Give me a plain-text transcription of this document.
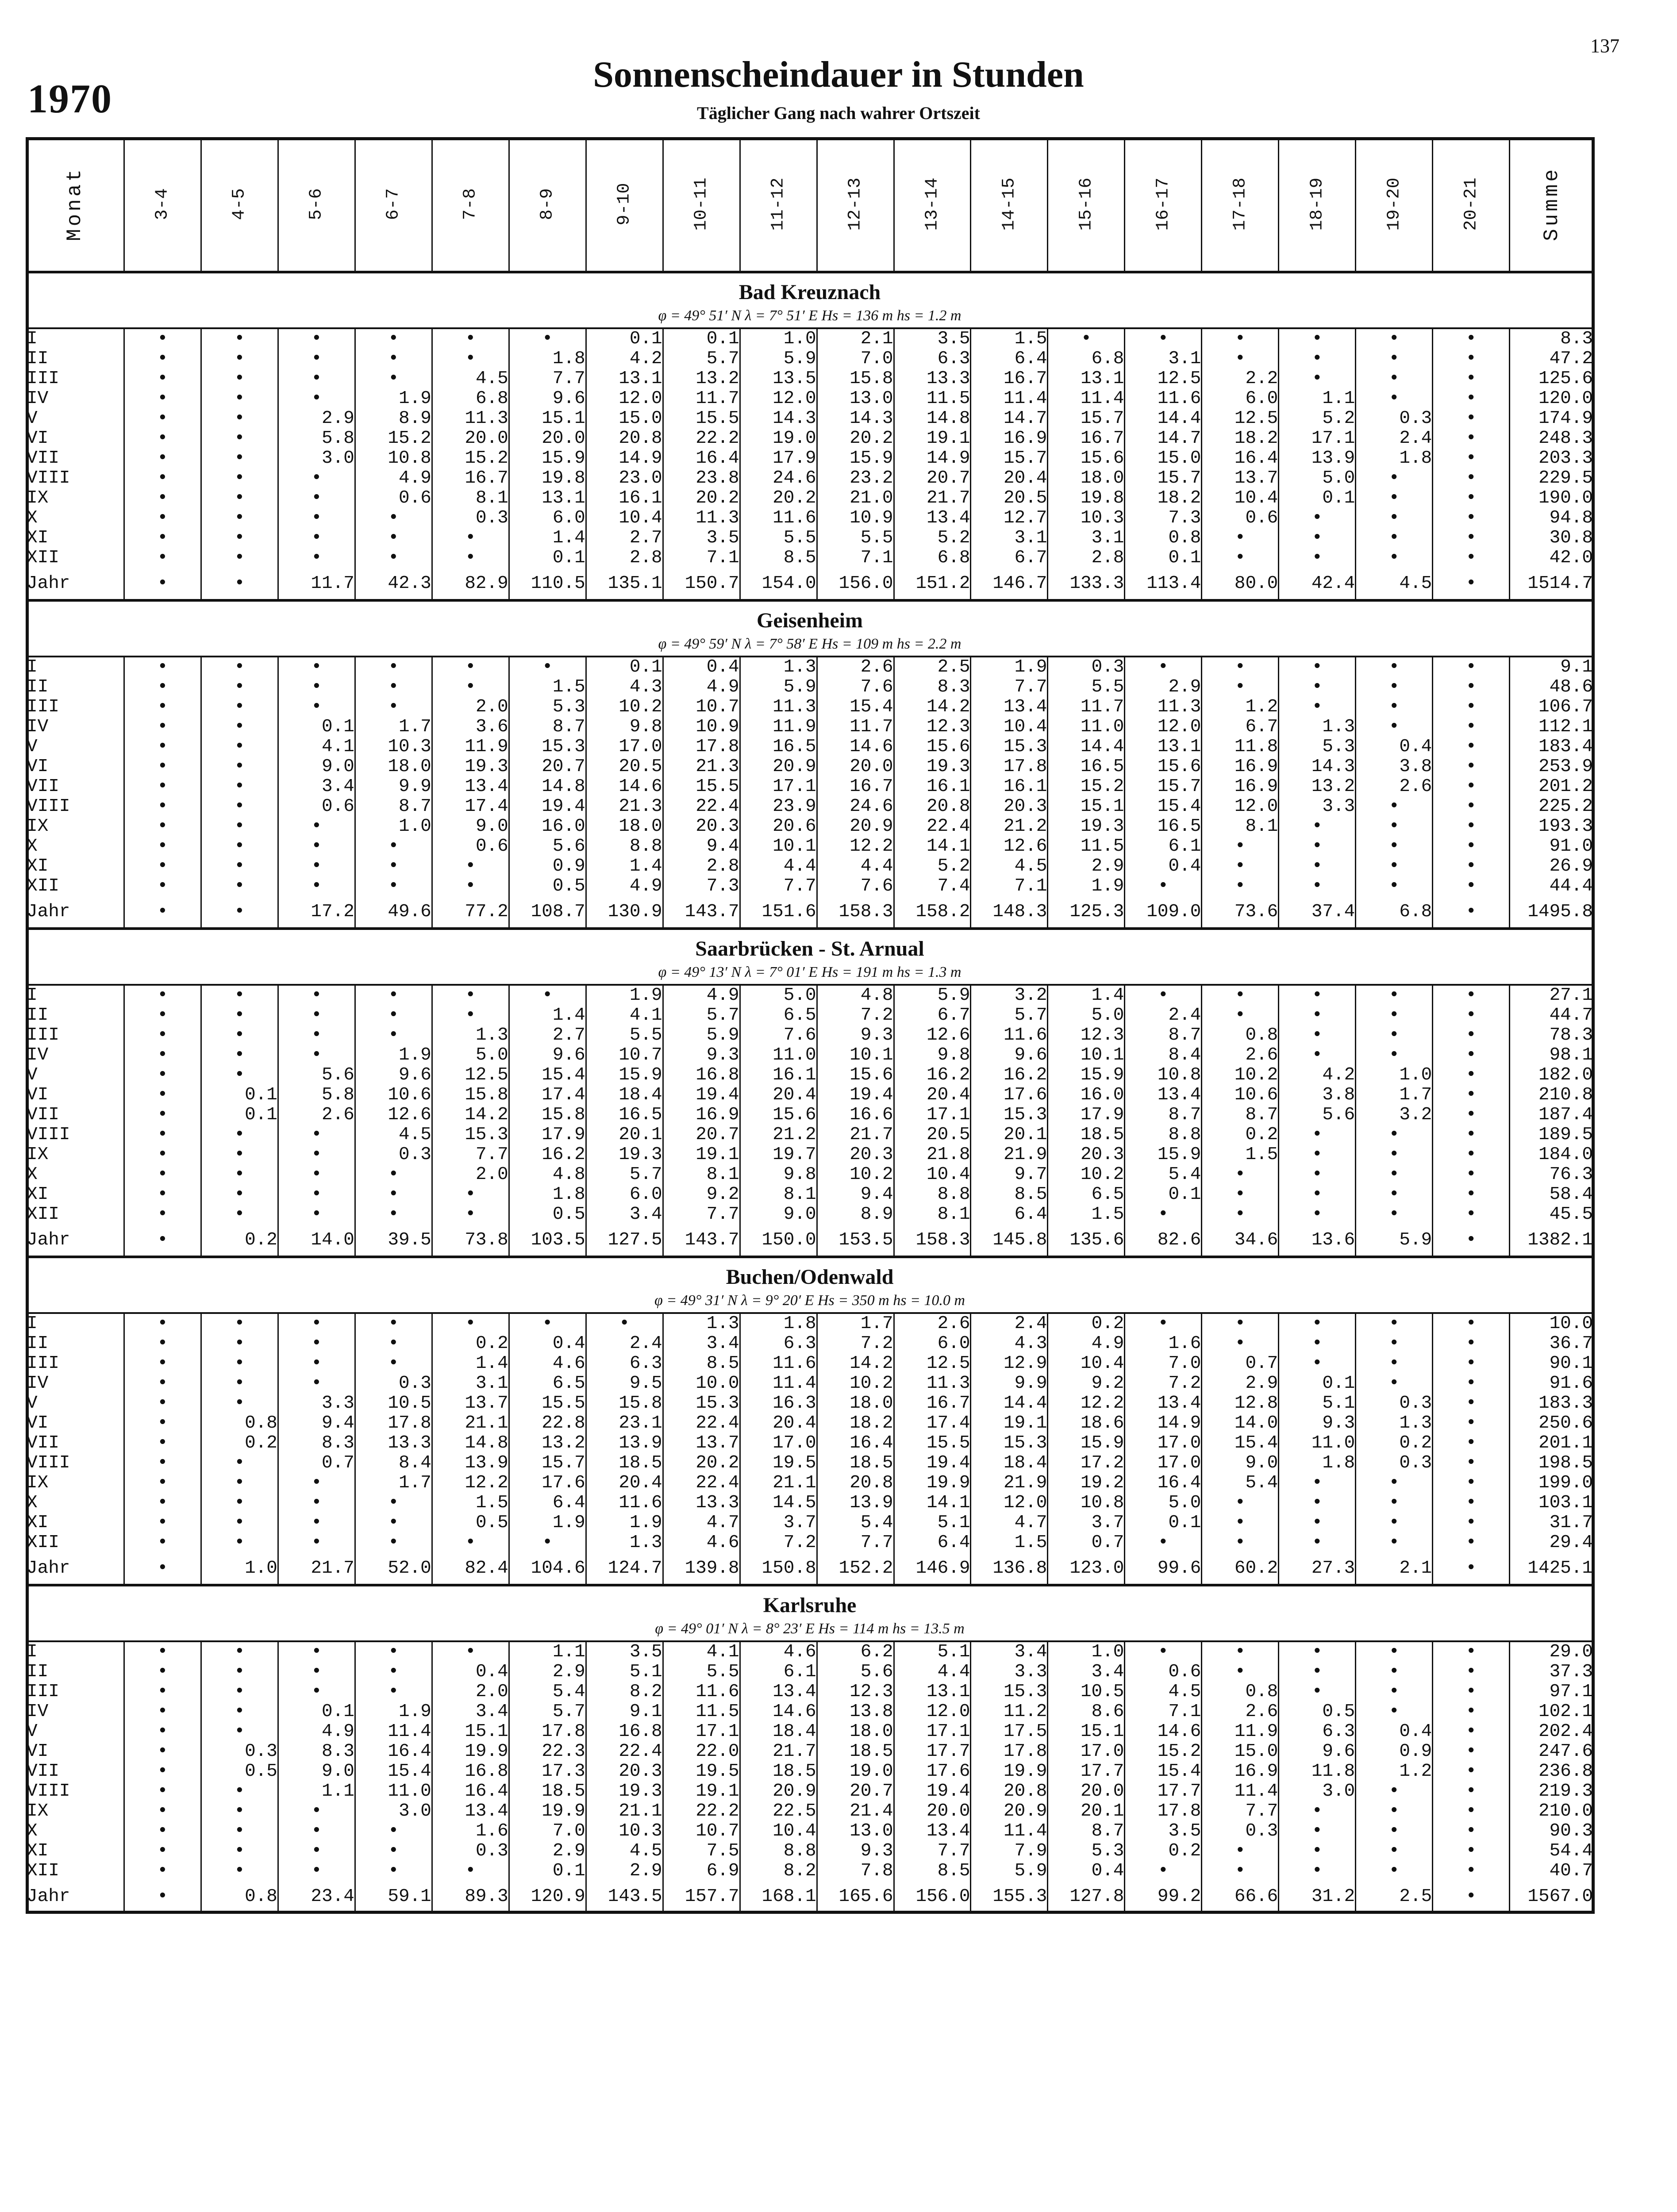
137
1970
Sonnenscheindauer in Stunden
Täglicher Gang nach wahrer Ortszeit
Monat	3-4	4-5	5-6	6-7	7-8	8-9	9-10	10-11	11-12	12-13	13-14	14-15	15-16	16-17	17-18	18-19	19-20	20-21	Summe
Bad Kreuznach																			
φ = 49° 51′ N λ = 7° 51′ E Hs = 136 m hs = 1.2 m																			
I	•	•	•	•	•	•	0.1	0.1	1.0	2.1	3.5	1.5	•	•	•	•	•	•	8.3
II	•	•	•	•	•	1.8	4.2	5.7	5.9	7.0	6.3	6.4	6.8	3.1	•	•	•	•	47.2
III	•	•	•	•	4.5	7.7	13.1	13.2	13.5	15.8	13.3	16.7	13.1	12.5	2.2	•	•	•	125.6
IV	•	•	•	1.9	6.8	9.6	12.0	11.7	12.0	13.0	11.5	11.4	11.4	11.6	6.0	1.1	•	•	120.0
V	•	•	2.9	8.9	11.3	15.1	15.0	15.5	14.3	14.3	14.8	14.7	15.7	14.4	12.5	5.2	0.3	•	174.9
VI	•	•	5.8	15.2	20.0	20.0	20.8	22.2	19.0	20.2	19.1	16.9	16.7	14.7	18.2	17.1	2.4	•	248.3
VII	•	•	3.0	10.8	15.2	15.9	14.9	16.4	17.9	15.9	14.9	15.7	15.6	15.0	16.4	13.9	1.8	•	203.3
VIII	•	•	•	4.9	16.7	19.8	23.0	23.8	24.6	23.2	20.7	20.4	18.0	15.7	13.7	5.0	•	•	229.5
IX	•	•	•	0.6	8.1	13.1	16.1	20.2	20.2	21.0	21.7	20.5	19.8	18.2	10.4	0.1	•	•	190.0
X	•	•	•	•	0.3	6.0	10.4	11.3	11.6	10.9	13.4	12.7	10.3	7.3	0.6	•	•	•	94.8
XI	•	•	•	•	•	1.4	2.7	3.5	5.5	5.5	5.2	3.1	3.1	0.8	•	•	•	•	30.8
XII	•	•	•	•	•	0.1	2.8	7.1	8.5	7.1	6.8	6.7	2.8	0.1	•	•	•	•	42.0
Jahr	•	•	11.7	42.3	82.9	110.5	135.1	150.7	154.0	156.0	151.2	146.7	133.3	113.4	80.0	42.4	4.5	•	1514.7
Geisenheim																			
φ = 49° 59′ N λ = 7° 58′ E Hs = 109 m hs = 2.2 m																			
I	•	•	•	•	•	•	0.1	0.4	1.3	2.6	2.5	1.9	0.3	•	•	•	•	•	9.1
II	•	•	•	•	•	1.5	4.3	4.9	5.9	7.6	8.3	7.7	5.5	2.9	•	•	•	•	48.6
III	•	•	•	•	2.0	5.3	10.2	10.7	11.3	15.4	14.2	13.4	11.7	11.3	1.2	•	•	•	106.7
IV	•	•	0.1	1.7	3.6	8.7	9.8	10.9	11.9	11.7	12.3	10.4	11.0	12.0	6.7	1.3	•	•	112.1
V	•	•	4.1	10.3	11.9	15.3	17.0	17.8	16.5	14.6	15.6	15.3	14.4	13.1	11.8	5.3	0.4	•	183.4
VI	•	•	9.0	18.0	19.3	20.7	20.5	21.3	20.9	20.0	19.3	17.8	16.5	15.6	16.9	14.3	3.8	•	253.9
VII	•	•	3.4	9.9	13.4	14.8	14.6	15.5	17.1	16.7	16.1	16.1	15.2	15.7	16.9	13.2	2.6	•	201.2
VIII	•	•	0.6	8.7	17.4	19.4	21.3	22.4	23.9	24.6	20.8	20.3	15.1	15.4	12.0	3.3	•	•	225.2
IX	•	•	•	1.0	9.0	16.0	18.0	20.3	20.6	20.9	22.4	21.2	19.3	16.5	8.1	•	•	•	193.3
X	•	•	•	•	0.6	5.6	8.8	9.4	10.1	12.2	14.1	12.6	11.5	6.1	•	•	•	•	91.0
XI	•	•	•	•	•	0.9	1.4	2.8	4.4	4.4	5.2	4.5	2.9	0.4	•	•	•	•	26.9
XII	•	•	•	•	•	0.5	4.9	7.3	7.7	7.6	7.4	7.1	1.9	•	•	•	•	•	44.4
Jahr	•	•	17.2	49.6	77.2	108.7	130.9	143.7	151.6	158.3	158.2	148.3	125.3	109.0	73.6	37.4	6.8	•	1495.8
Saarbrücken - St. Arnual																			
φ = 49° 13′ N λ = 7° 01′ E Hs = 191 m hs = 1.3 m																			
I	•	•	•	•	•	•	1.9	4.9	5.0	4.8	5.9	3.2	1.4	•	•	•	•	•	27.1
II	•	•	•	•	•	1.4	4.1	5.7	6.5	7.2	6.7	5.7	5.0	2.4	•	•	•	•	44.7
III	•	•	•	•	1.3	2.7	5.5	5.9	7.6	9.3	12.6	11.6	12.3	8.7	0.8	•	•	•	78.3
IV	•	•	•	1.9	5.0	9.6	10.7	9.3	11.0	10.1	9.8	9.6	10.1	8.4	2.6	•	•	•	98.1
V	•	•	5.6	9.6	12.5	15.4	15.9	16.8	16.1	15.6	16.2	16.2	15.9	10.8	10.2	4.2	1.0	•	182.0
VI	•	0.1	5.8	10.6	15.8	17.4	18.4	19.4	20.4	19.4	20.4	17.6	16.0	13.4	10.6	3.8	1.7	•	210.8
VII	•	0.1	2.6	12.6	14.2	15.8	16.5	16.9	15.6	16.6	17.1	15.3	17.9	8.7	8.7	5.6	3.2	•	187.4
VIII	•	•	•	4.5	15.3	17.9	20.1	20.7	21.2	21.7	20.5	20.1	18.5	8.8	0.2	•	•	•	189.5
IX	•	•	•	0.3	7.7	16.2	19.3	19.1	19.7	20.3	21.8	21.9	20.3	15.9	1.5	•	•	•	184.0
X	•	•	•	•	2.0	4.8	5.7	8.1	9.8	10.2	10.4	9.7	10.2	5.4	•	•	•	•	76.3
XI	•	•	•	•	•	1.8	6.0	9.2	8.1	9.4	8.8	8.5	6.5	0.1	•	•	•	•	58.4
XII	•	•	•	•	•	0.5	3.4	7.7	9.0	8.9	8.1	6.4	1.5	•	•	•	•	•	45.5
Jahr	•	0.2	14.0	39.5	73.8	103.5	127.5	143.7	150.0	153.5	158.3	145.8	135.6	82.6	34.6	13.6	5.9	•	1382.1
Buchen/Odenwald																			
φ = 49° 31′ N λ = 9° 20′ E Hs = 350 m hs = 10.0 m																			
I	•	•	•	•	•	•	•	1.3	1.8	1.7	2.6	2.4	0.2	•	•	•	•	•	10.0
II	•	•	•	•	0.2	0.4	2.4	3.4	6.3	7.2	6.0	4.3	4.9	1.6	•	•	•	•	36.7
III	•	•	•	•	1.4	4.6	6.3	8.5	11.6	14.2	12.5	12.9	10.4	7.0	0.7	•	•	•	90.1
IV	•	•	•	0.3	3.1	6.5	9.5	10.0	11.4	10.2	11.3	9.9	9.2	7.2	2.9	0.1	•	•	91.6
V	•	•	3.3	10.5	13.7	15.5	15.8	15.3	16.3	18.0	16.7	14.4	12.2	13.4	12.8	5.1	0.3	•	183.3
VI	•	0.8	9.4	17.8	21.1	22.8	23.1	22.4	20.4	18.2	17.4	19.1	18.6	14.9	14.0	9.3	1.3	•	250.6
VII	•	0.2	8.3	13.3	14.8	13.2	13.9	13.7	17.0	16.4	15.5	15.3	15.9	17.0	15.4	11.0	0.2	•	201.1
VIII	•	•	0.7	8.4	13.9	15.7	18.5	20.2	19.5	18.5	19.4	18.4	17.2	17.0	9.0	1.8	0.3	•	198.5
IX	•	•	•	1.7	12.2	17.6	20.4	22.4	21.1	20.8	19.9	21.9	19.2	16.4	5.4	•	•	•	199.0
X	•	•	•	•	1.5	6.4	11.6	13.3	14.5	13.9	14.1	12.0	10.8	5.0	•	•	•	•	103.1
XI	•	•	•	•	0.5	1.9	1.9	4.7	3.7	5.4	5.1	4.7	3.7	0.1	•	•	•	•	31.7
XII	•	•	•	•	•	•	1.3	4.6	7.2	7.7	6.4	1.5	0.7	•	•	•	•	•	29.4
Jahr	•	1.0	21.7	52.0	82.4	104.6	124.7	139.8	150.8	152.2	146.9	136.8	123.0	99.6	60.2	27.3	2.1	•	1425.1
Karlsruhe																			
φ = 49° 01′ N λ = 8° 23′ E Hs = 114 m hs = 13.5 m																			
I	•	•	•	•	•	1.1	3.5	4.1	4.6	6.2	5.1	3.4	1.0	•	•	•	•	•	29.0
II	•	•	•	•	0.4	2.9	5.1	5.5	6.1	5.6	4.4	3.3	3.4	0.6	•	•	•	•	37.3
III	•	•	•	•	2.0	5.4	8.2	11.6	13.4	12.3	13.1	15.3	10.5	4.5	0.8	•	•	•	97.1
IV	•	•	0.1	1.9	3.4	5.7	9.1	11.5	14.6	13.8	12.0	11.2	8.6	7.1	2.6	0.5	•	•	102.1
V	•	•	4.9	11.4	15.1	17.8	16.8	17.1	18.4	18.0	17.1	17.5	15.1	14.6	11.9	6.3	0.4	•	202.4
VI	•	0.3	8.3	16.4	19.9	22.3	22.4	22.0	21.7	18.5	17.7	17.8	17.0	15.2	15.0	9.6	0.9	•	247.6
VII	•	0.5	9.0	15.4	16.8	17.3	20.3	19.5	18.5	19.0	17.6	19.9	17.7	15.4	16.9	11.8	1.2	•	236.8
VIII	•	•	1.1	11.0	16.4	18.5	19.3	19.1	20.9	20.7	19.4	20.8	20.0	17.7	11.4	3.0	•	•	219.3
IX	•	•	•	3.0	13.4	19.9	21.1	22.2	22.5	21.4	20.0	20.9	20.1	17.8	7.7	•	•	•	210.0
X	•	•	•	•	1.6	7.0	10.3	10.7	10.4	13.0	13.4	11.4	8.7	3.5	0.3	•	•	•	90.3
XI	•	•	•	•	0.3	2.9	4.5	7.5	8.8	9.3	7.7	7.9	5.3	0.2	•	•	•	•	54.4
XII	•	•	•	•	•	0.1	2.9	6.9	8.2	7.8	8.5	5.9	0.4	•	•	•	•	•	40.7
Jahr	•	0.8	23.4	59.1	89.3	120.9	143.5	157.7	168.1	165.6	156.0	155.3	127.8	99.2	66.6	31.2	2.5	•	1567.0
